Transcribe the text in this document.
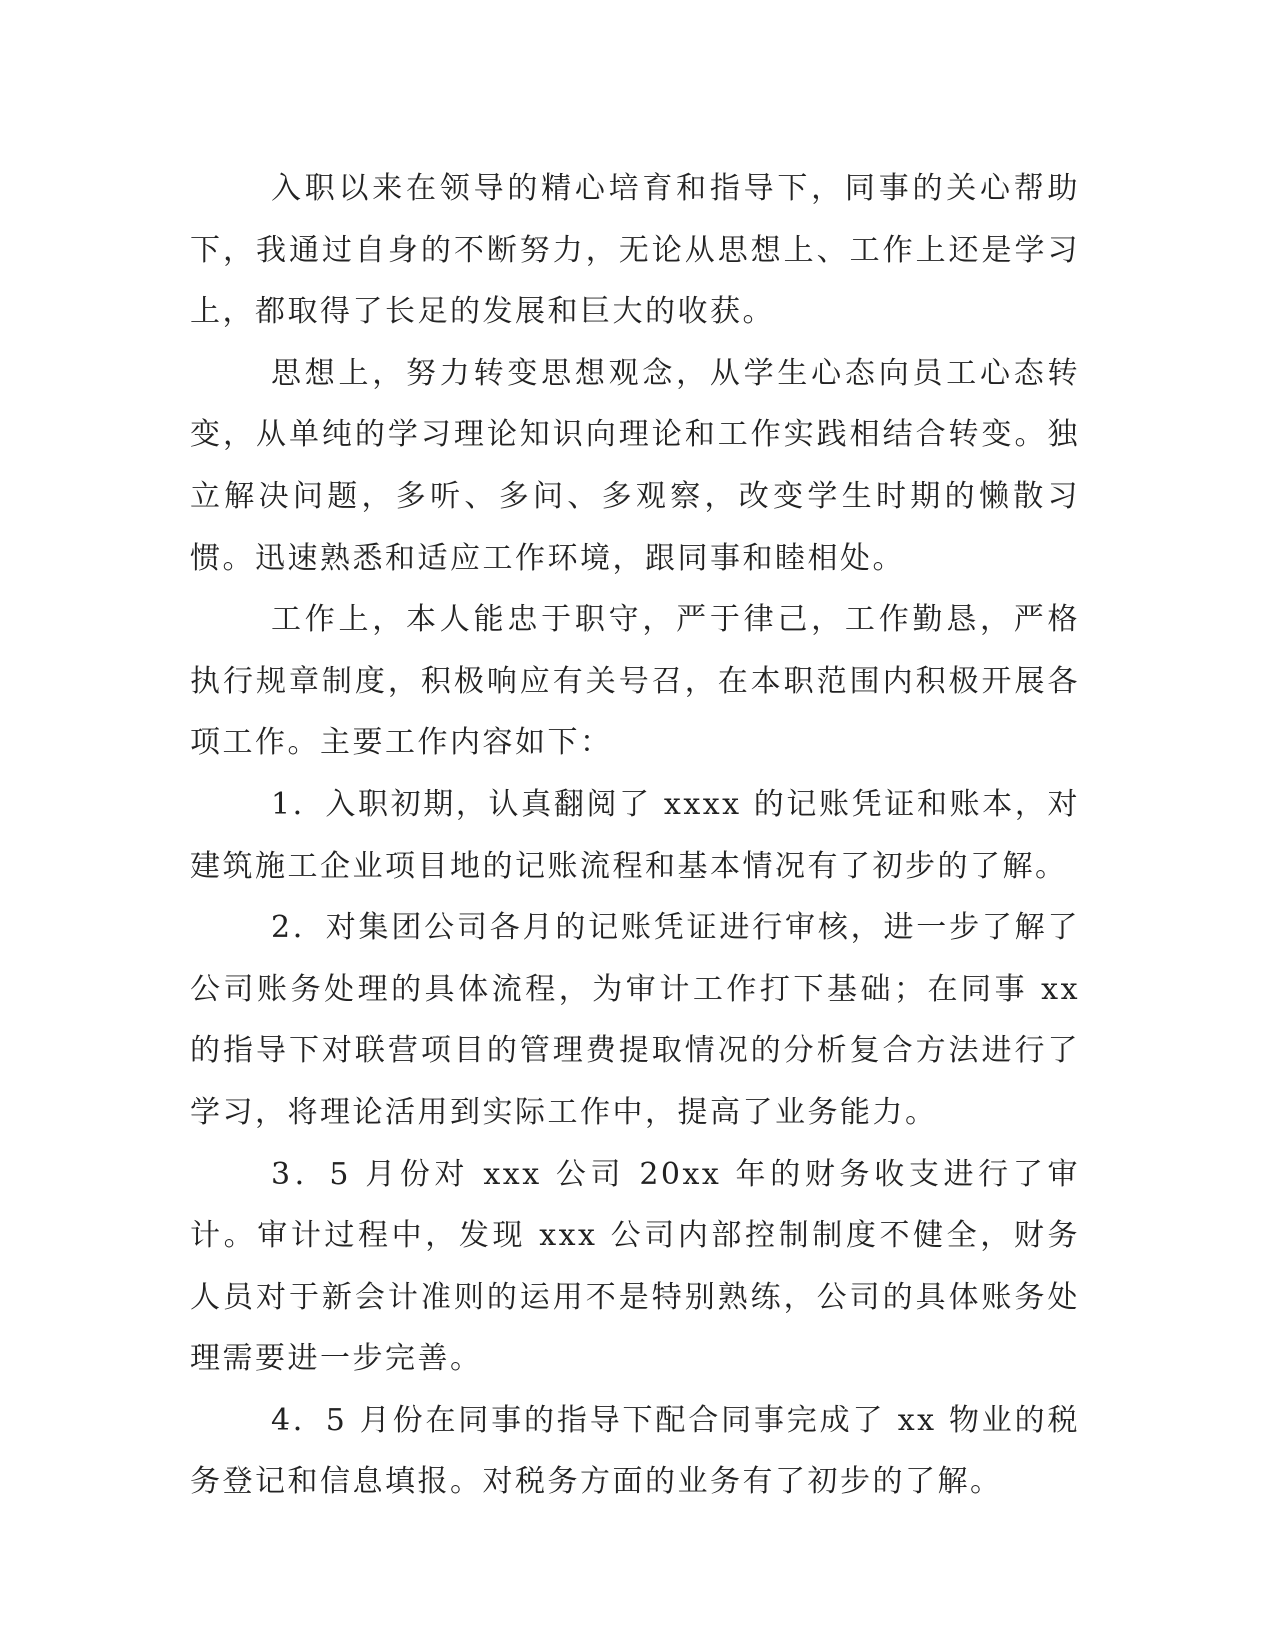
入职以来在领导的精心培育和指导下，同事的关心帮助下，我通过自身的不断努力，无论从思想上、工作上还是学习上，都取得了长足的发展和巨大的收获。

思想上，努力转变思想观念，从学生心态向员工心态转变，从单纯的学习理论知识向理论和工作实践相结合转变。独立解决问题，多听、多问、多观察，改变学生时期的懒散习惯。迅速熟悉和适应工作环境，跟同事和睦相处。

工作上，本人能忠于职守，严于律己，工作勤恳，严格执行规章制度，积极响应有关号召，在本职范围内积极开展各项工作。主要工作内容如下：

1．入职初期，认真翻阅了 xxxx 的记账凭证和账本，对建筑施工企业项目地的记账流程和基本情况有了初步的了解。

2．对集团公司各月的记账凭证进行审核，进一步了解了公司账务处理的具体流程，为审计工作打下基础；在同事 xx 的指导下对联营项目的管理费提取情况的分析复合方法进行了学习，将理论活用到实际工作中，提高了业务能力。

3．5 月份对 xxx 公司 20xx 年的财务收支进行了审计。审计过程中，发现 xxx 公司内部控制制度不健全，财务人员对于新会计准则的运用不是特别熟练，公司的具体账务处理需要进一步完善。

4．5 月份在同事的指导下配合同事完成了 xx 物业的税务登记和信息填报。对税务方面的业务有了初步的了解。
